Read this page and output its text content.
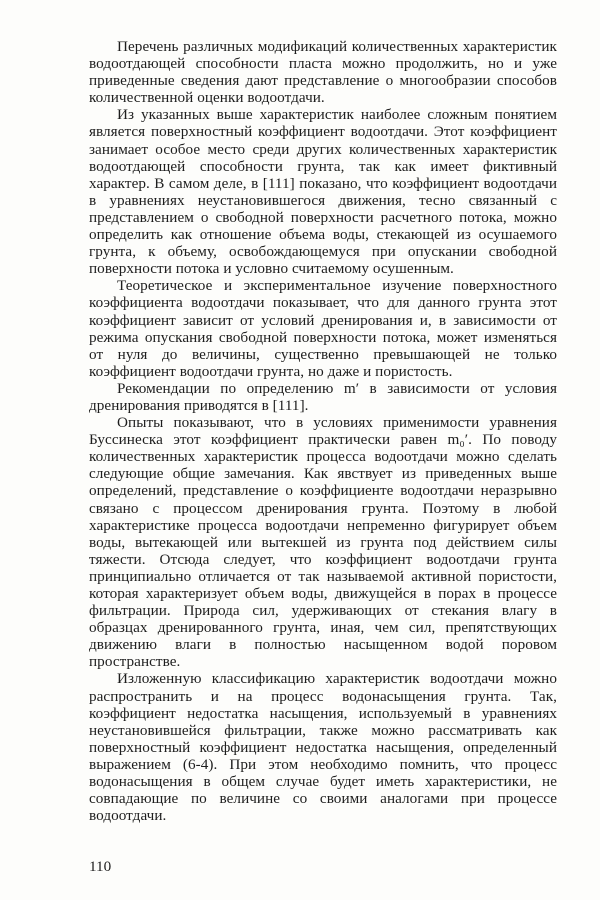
Перечень различных модификаций количественных характеристик водоотдающей способности пласта можно продолжить, но и уже приведенные сведения дают представление о многообразии способов количественной оценки водоотдачи.

Из указанных выше характеристик наиболее сложным понятием является поверхностный коэффициент водоотдачи. Этот коэффициент занимает особое место среди других количественных характеристик водоотдающей способности грунта, так как имеет фиктивный характер. В самом деле, в [111] показано, что коэффициент водоотдачи в уравнениях неустановившегося движения, тесно связанный с представлением о свободной поверхности расчетного потока, можно определить как отношение объема воды, стекающей из осушаемого грунта, к объему, освобождающемуся при опускании свободной поверхности потока и условно считаемому осушенным.

Теоретическое и экспериментальное изучение поверхностного коэффициента водоотдачи показывает, что для данного грунта этот коэффициент зависит от условий дренирования и, в зависимости от режима опускания свободной поверхности потока, может изменяться от нуля до величины, существенно превышающей не только коэффициент водоотдачи грунта, но даже и пористость.

Рекомендации по определению m′ в зависимости от условия дренирования приводятся в [111].

Опыты показывают, что в условиях применимости уравнения Буссинеска этот коэффициент практически равен m₀′. По поводу количественных характеристик процесса водоотдачи можно сделать следующие общие замечания. Как явствует из приведенных выше определений, представление о коэффициенте водоотдачи неразрывно связано с процессом дренирования грунта. Поэтому в любой характеристике процесса водоотдачи непременно фигурирует объем воды, вытекающей или вытекшей из грунта под действием силы тяжести. Отсюда следует, что коэффициент водоотдачи грунта принципиально отличается от так называемой активной пористости, которая характеризует объем воды, движущейся в порах в процессе фильтрации. Природа сил, удерживающих от стекания влагу в образцах дренированного грунта, иная, чем сил, препятствующих движению влаги в полностью насыщенном водой поровом пространстве.

Изложенную классификацию характеристик водоотдачи можно распространить и на процесс водонасыщения грунта. Так, коэффициент недостатка насыщения, используемый в уравнениях неустановившейся фильтрации, также можно рассматривать как поверхностный коэффициент недостатка насыщения, определенный выражением (6-4). При этом необходимо помнить, что процесс водонасыщения в общем случае будет иметь характеристики, не совпадающие по величине со своими аналогами при процессе водоотдачи.

110
